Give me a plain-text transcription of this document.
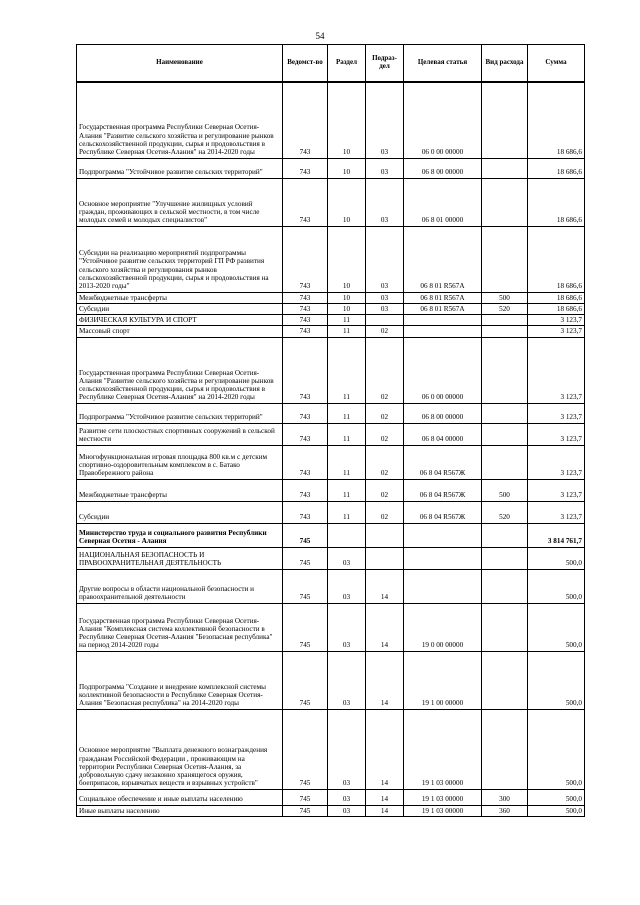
54
Наименование	Ведомст-во	Раздел	Подраз-дел	Целевая статья	Вид расхода	Сумма
Государственная программа Республики Северная Осетия-Алания "Развитие сельского хозяйства и регулирование рынков сельскохозяйственной продукции, сырья и продовольствия в Республике Северная Осетия-Алания" на 2014-2020 годы	743	10	03	06 0 00 00000		18 686,6
Подпрограмма "Устойчивое развитие сельских территорий"	743	10	03	06 8 00 00000		18 686,6
Основное мероприятие "Улучшение жилищных условий граждан, проживающих в сельской местности, в том числе молодых семей и молодых специалистов"	743	10	03	06 8 01 00000		18 686,6
Субсидии на реализацию мероприятий подпрограммы "Устойчивое развитие сельских территорий ГП РФ развития сельского хозяйства и регулирования рынков сельскохозяйственной продукции, сырья и продовольствия на 2013-2020 годы"	743	10	03	06 8 01 R567А		18 686,6
Межбюджетные трансферты	743	10	03	06 8 01 R567А	500	18 686,6
Субсидии	743	10	03	06 8 01 R567А	520	18 686,6
ФИЗИЧЕСКАЯ КУЛЬТУРА И СПОРТ	743	11				3 123,7
Массовый спорт	743	11	02			3 123,7
Государственная программа Республики Северная Осетия-Алания "Развитие сельского хозяйства и регулирование рынков сельскохозяйственной продукции, сырья и продовольствия в Республике Северная Осетия-Алания" на 2014-2020 годы	743	11	02	06 0 00 00000		3 123,7
Подпрограмма "Устойчивое развитие сельских территорий"	743	11	02	06 8 00 00000		3 123,7
Развитие сети плоскостных спортивных сооружений в сельской местности	743	11	02	06 8 04 00000		3 123,7
Многофункциональная игровая площадка 800 кв.м с детским спортивно-оздоровительным комплексом в с. Батако Правобережного района	743	11	02	06 8 04 R567Ж		3 123,7
Межбюджетные трансферты	743	11	02	06 8 04 R567Ж	500	3 123,7
Субсидии	743	11	02	06 8 04 R567Ж	520	3 123,7
Министерство труда и социального развития Республики Северная Осетия - Алания	745					3 814 761,7
НАЦИОНАЛЬНАЯ БЕЗОПАСНОСТЬ И ПРАВООХРАНИТЕЛЬНАЯ ДЕЯТЕЛЬНОСТЬ	745	03				500,0
Другие вопросы в области национальной безопасности и правоохранительной деятельности	745	03	14			500,0
Государственная программа Республики Северная Осетия-Алания "Комплексная система коллективной безопасности в Республике Северная Осетия-Алания "Безопасная республика" на период 2014-2020 годы	745	03	14	19 0 00 00000		500,0
Подпрограмма "Создание и внедрение комплексной системы коллективной безопасности в Республике Северная Осетия-Алания "Безопасная республика" на 2014-2020 годы	745	03	14	19 1 00 00000		500,0
Основное мероприятие "Выплата денежного вознаграждения гражданам Российской Федерации , проживающим на территории Республики Северная Осетия-Алания, за добровольную сдачу незаконно хранящегося оружия, боеприпасов, взрывчатых веществ и взрывных устройств"	745	03	14	19 1 03 00000		500,0
Социальное обеспечение и иные выплаты населению	745	03	14	19 1 03 00000	300	500,0
Иные выплаты населению	745	03	14	19 1 03 00000	360	500,0
